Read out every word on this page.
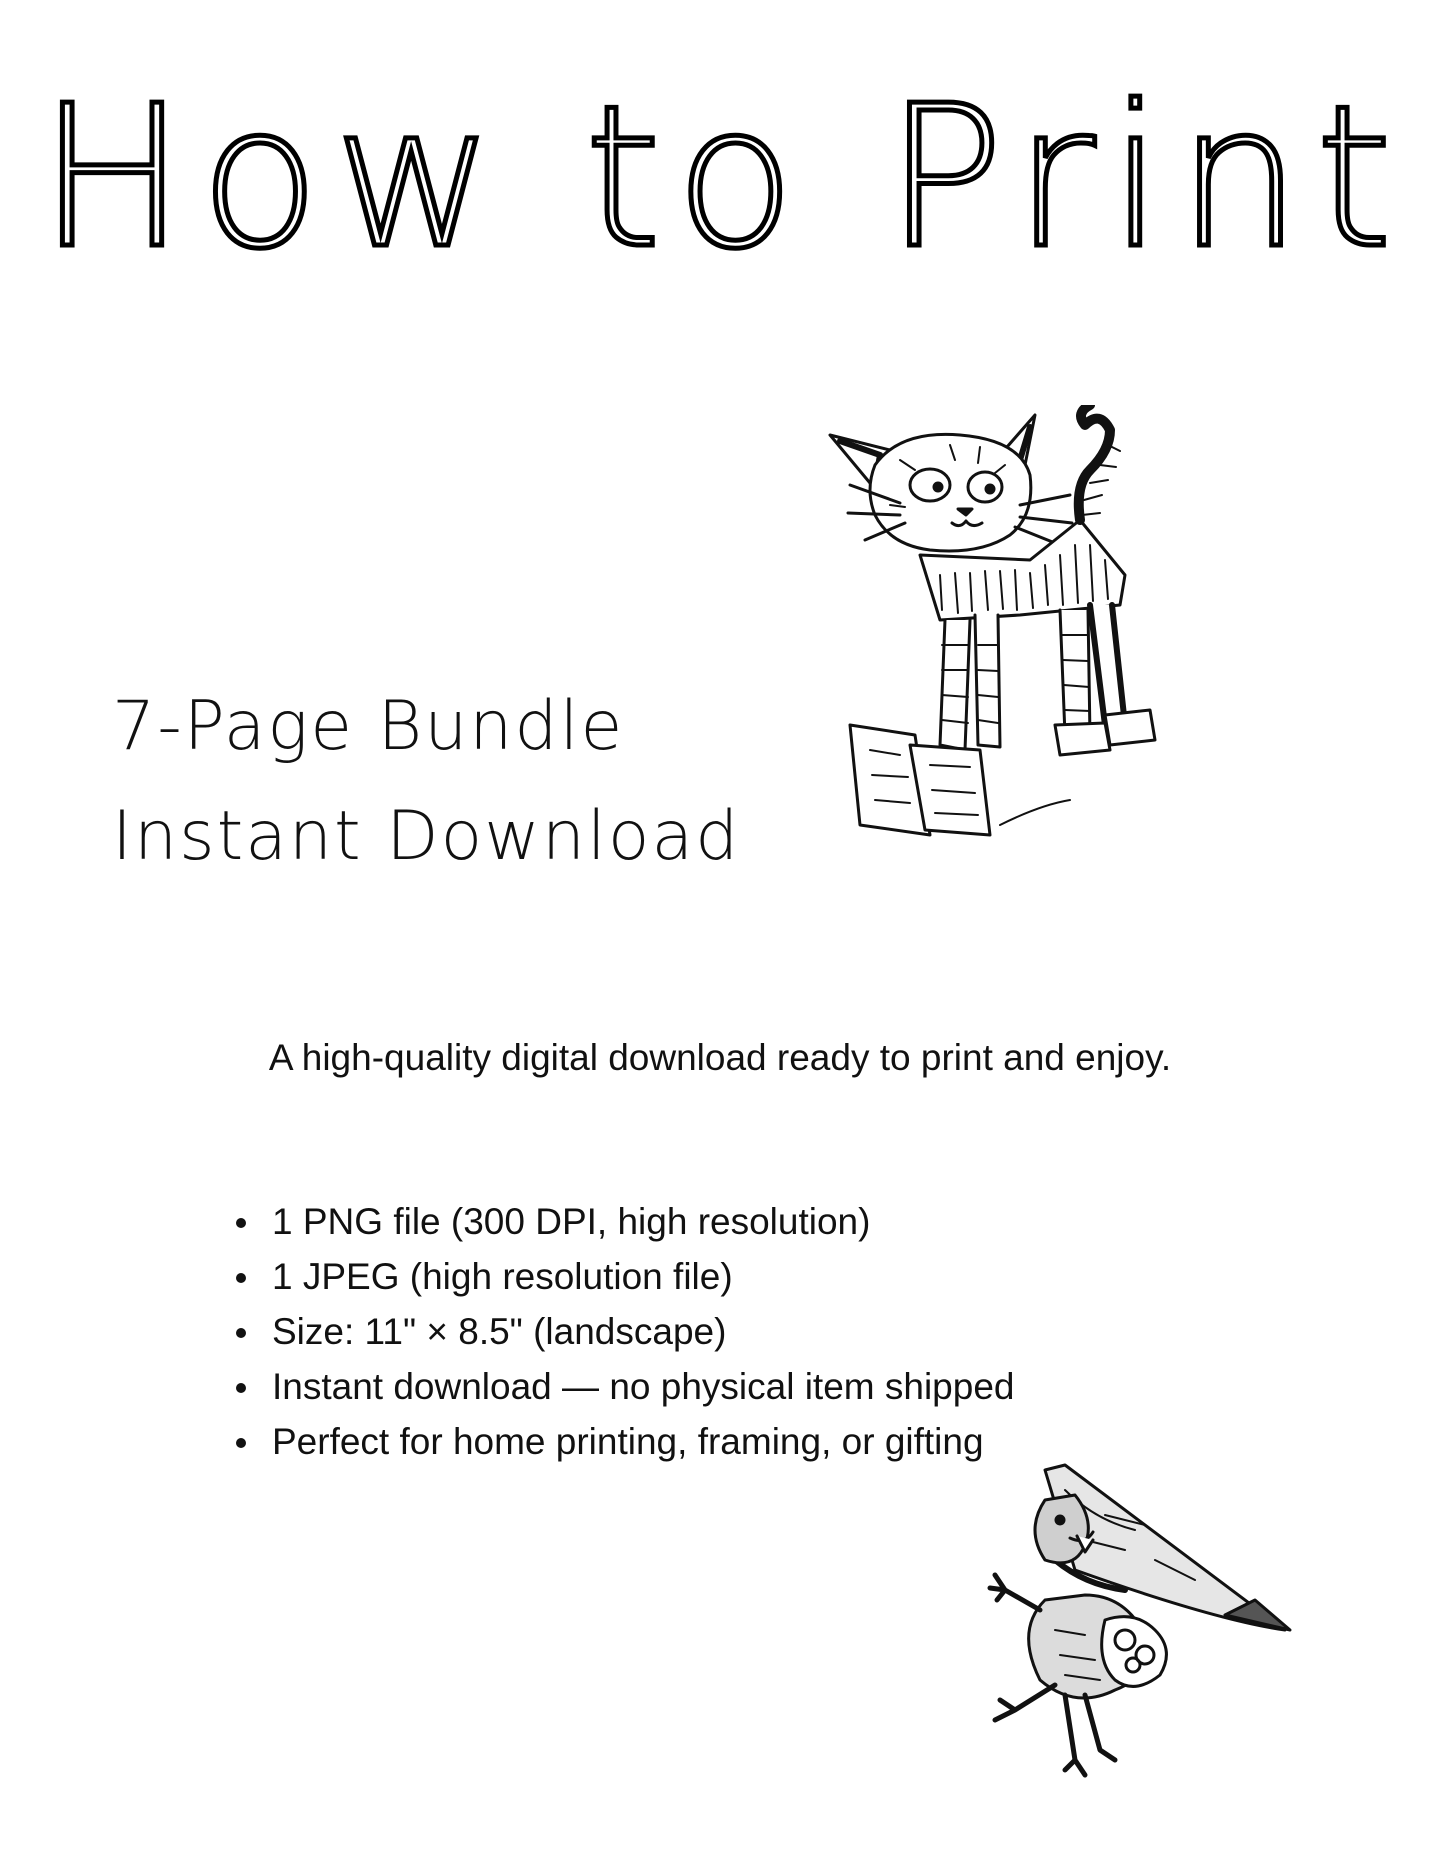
How to Print
7-Page Bundle
Instant Download

A high-quality digital download ready to print and enjoy.

1 PNG file (300 DPI, high resolution)
1 JPEG (high resolution file)
Size: 11" × 8.5" (landscape)
Instant download — no physical item shipped
Perfect for home printing, framing, or gifting
